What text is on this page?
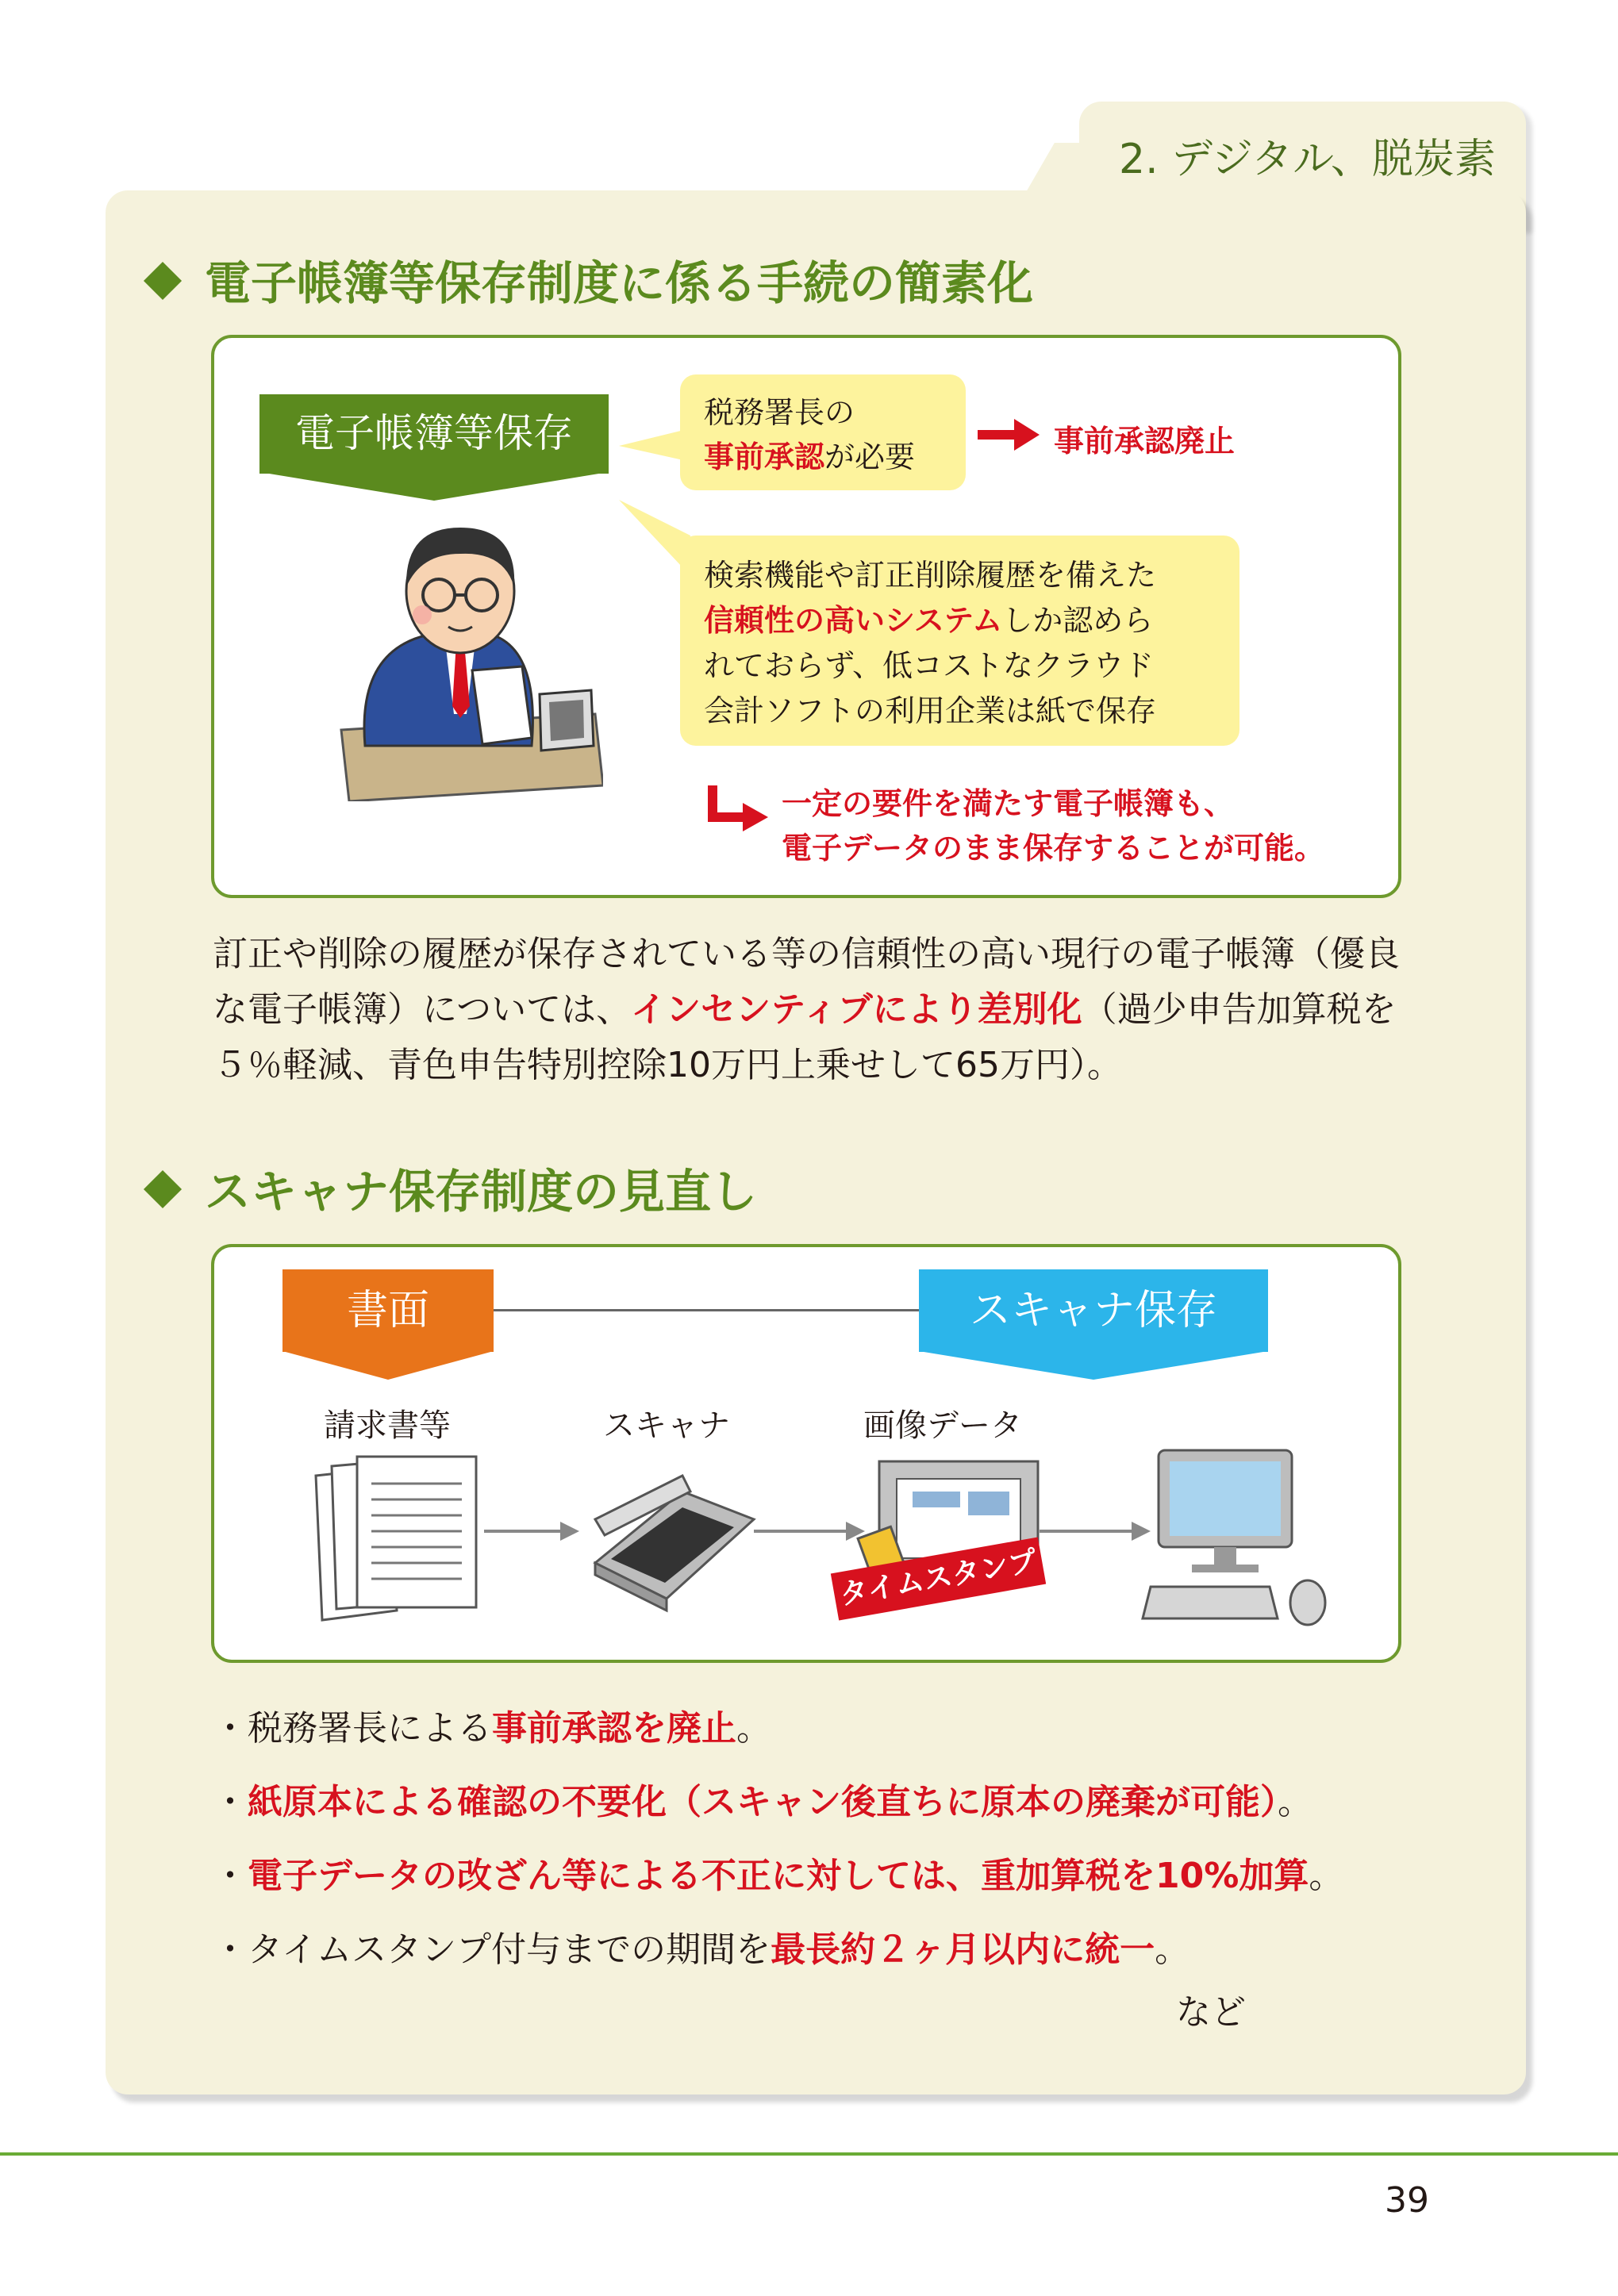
2. デジタル、脱炭素
電子帳簿等保存制度に係る手続の簡素化
電子帳簿等保存	税務署長の
事前承認が必要	事前承認廃止
検索機能や訂正削除履歴を備えた
信頼性の高いシステムしか認めら
れておらず、低コストなクラウド
会計ソフトの利用企業は紙で保存
一定の要件を満たす電子帳簿も、
電子データのまま保存することが可能。
訂正や削除の履歴が保存されている等の信頼性の高い現行の電子帳簿（優良な電子帳簿）については、インセンティブにより差別化（過少申告加算税を５％軽減、青色申告特別控除10万円上乗せして65万円）。
スキャナ保存制度の見直し
書面	スキャナ保存
請求書等	スキャナ	画像データ
タイムスタンプ
・税務署長による事前承認を廃止。
・紙原本による確認の不要化（スキャン後直ちに原本の廃棄が可能）。
・電子データの改ざん等による不正に対しては、重加算税を10%加算。
・タイムスタンプ付与までの期間を最長約２ヶ月以内に統一。
など
39
